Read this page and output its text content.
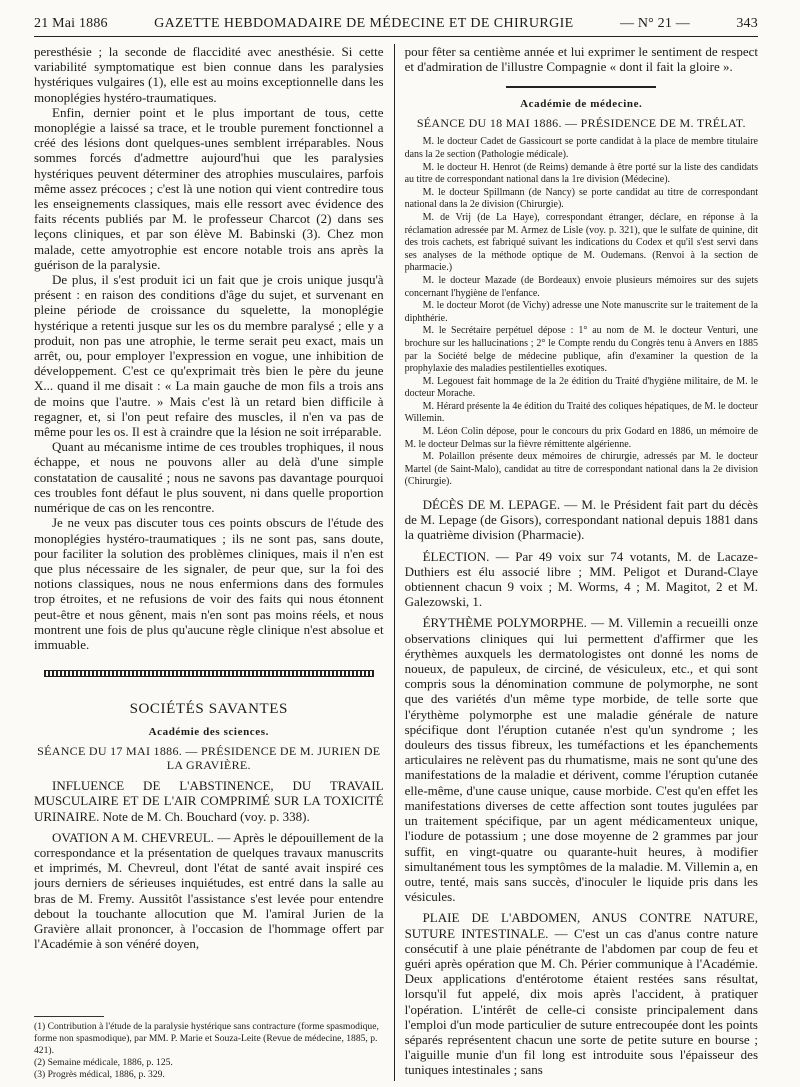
21 Mai 1886	GAZETTE HEBDOMADAIRE DE MÉDECINE ET DE CHIRURGIE	— N° 21 —	343

peresthésie ; la seconde de flaccidité avec anesthésie. Si cette variabilité symptomatique est bien connue dans les paralysies hystériques vulgaires (1), elle est au moins exceptionnelle dans les monoplégies hystéro-traumatiques.

Enfin, dernier point et le plus important de tous, cette monoplégie a laissé sa trace, et le trouble purement fonctionnel a créé des lésions dont quelques-unes semblent irréparables. Nous sommes forcés d'admettre aujourd'hui que les paralysies hystériques peuvent déterminer des atrophies musculaires, parfois même assez précoces ; c'est là une notion qui vient contredire tous les enseignements classiques, mais elle ressort avec évidence des faits récents publiés par M. le professeur Charcot (2) dans ses leçons cliniques, et par son élève M. Babinski (3). Chez mon malade, cette amyotrophie est encore notable trois ans après la guérison de la paralysie.

De plus, il s'est produit ici un fait que je crois unique jusqu'à présent : en raison des conditions d'âge du sujet, et survenant en pleine période de croissance du squelette, la monoplégie hystérique a retenti jusque sur les os du membre paralysé ; elle y a produit, non pas une atrophie, le terme serait peu exact, mais un arrêt, ou, pour employer l'expression en vogue, une inhibition de développement. C'est ce qu'exprimait très bien le père du jeune X... quand il me disait : « La main gauche de mon fils a trois ans de moins que l'autre. » Mais c'est là un retard bien difficile à regagner, et, si l'on peut refaire des muscles, il n'en va pas de même pour les os. Il est à craindre que la lésion ne soit irréparable.

Quant au mécanisme intime de ces troubles trophiques, il nous échappe, et nous ne pouvons aller au delà d'une simple constatation de causalité ; nous ne savons pas davantage pourquoi ces troubles font défaut le plus souvent, ni dans quelle proportion numérique de cas on les rencontre.

Je ne veux pas discuter tous ces points obscurs de l'étude des monoplégies hystéro-traumatiques ; ils ne sont pas, sans doute, pour faciliter la solution des problèmes cliniques, mais il n'en est que plus nécessaire de les signaler, de peur que, sur la foi des notions classiques, nous ne nous enfermions dans des formules trop étroites, et ne refusions de voir des faits qui nous étonnent peut-être et nous gênent, mais n'en sont pas moins réels, et nous montrent une fois de plus qu'aucune règle clinique n'est absolue et immuable.

SOCIÉTÉS SAVANTES
Académie des sciences.
SÉANCE DU 17 MAI 1886. — PRÉSIDENCE DE M. JURIEN DE LA GRAVIÈRE.

INFLUENCE DE L'ABSTINENCE, DU TRAVAIL MUSCULAIRE ET DE L'AIR COMPRIMÉ SUR LA TOXICITÉ URINAIRE. Note de M. Ch. Bouchard (voy. p. 338).

OVATION A M. CHEVREUL. — Après le dépouillement de la correspondance et la présentation de quelques travaux manuscrits et imprimés, M. Chevreul, dont l'état de santé avait inspiré ces jours derniers de sérieuses inquiétudes, est entré dans la salle au bras de M. Fremy. Aussitôt l'assistance s'est levée pour entendre debout la touchante allocution que M. l'amiral Jurien de la Gravière allait prononcer, à l'occasion de l'hommage offert par l'Académie à son vénéré doyen,

(1) Contribution à l'étude de la paralysie hystérique sans contracture (forme spasmodique, forme non spasmodique), par MM. P. Marie et Souza-Leite (Revue de médecine, 1885, p. 421).

(2) Semaine médicale, 1886, p. 125.

(3) Progrès médical, 1886, p. 329.

pour fêter sa centième année et lui exprimer le sentiment de respect et d'admiration de l'illustre Compagnie « dont il fait la gloire ».

Académie de médecine.
SÉANCE DU 18 MAI 1886. — PRÉSIDENCE DE M. TRÉLAT.

M. le docteur Cadet de Gassicourt se porte candidat à la place de membre titulaire dans la 2e section (Pathologie médicale).

M. le docteur H. Henrot (de Reims) demande à être porté sur la liste des candidats au titre de correspondant national dans la 1re division (Médecine).

M. le docteur Spillmann (de Nancy) se porte candidat au titre de correspondant national dans la 2e division (Chirurgie).

M. de Vrij (de La Haye), correspondant étranger, déclare, en réponse à la réclamation adressée par M. Armez de Lisle (voy. p. 321), que le sulfate de quinine, dit des trois cachets, est fabriqué suivant les indications du Codex et qu'il s'est servi dans ses analyses de la méthode optique de M. Oudemans. (Renvoi à la section de pharmacie.)

M. le docteur Mazade (de Bordeaux) envoie plusieurs mémoires sur des sujets concernant l'hygiène de l'enfance.

M. le docteur Morot (de Vichy) adresse une Note manuscrite sur le traitement de la diphthérie.

M. le Secrétaire perpétuel dépose : 1° au nom de M. le docteur Venturi, une brochure sur les hallucinations ; 2° le Compte rendu du Congrès tenu à Anvers en 1885 par la Société belge de médecine publique, afin d'examiner la question de la prophylaxie des maladies pestilentielles exotiques.

M. Legouest fait hommage de la 2e édition du Traité d'hygiène militaire, de M. le docteur Morache.

M. Hérard présente la 4e édition du Traité des coliques hépatiques, de M. le docteur Willemin.

M. Léon Colin dépose, pour le concours du prix Godard en 1886, un mémoire de M. le docteur Delmas sur la fièvre rémittente algérienne.

M. Polaillon présente deux mémoires de chirurgie, adressés par M. le docteur Martel (de Saint-Malo), candidat au titre de correspondant national dans la 2e division (Chirurgie).

DÉCÈS DE M. LEPAGE. — M. le Président fait part du décès de M. Lepage (de Gisors), correspondant national depuis 1881 dans la quatrième division (Pharmacie).

ÉLECTION. — Par 49 voix sur 74 votants, M. de Lacaze-Duthiers est élu associé libre ; MM. Peligot et Durand-Claye obtiennent chacun 9 voix ; M. Worms, 4 ; M. Magitot, 2 et M. Galezowski, 1.

ÉRYTHÈME POLYMORPHE. — M. Villemin a recueilli onze observations cliniques qui lui permettent d'affirmer que les érythèmes auxquels les dermatologistes ont donné les noms de noueux, de papuleux, de circiné, de vésiculeux, etc., et qui sont compris sous la dénomination commune de polymorphe, ne sont que des variétés d'un même type morbide, de telle sorte que l'érythème polymorphe est une maladie générale de nature spécifique dont l'éruption cutanée n'est qu'un syndrome ; les douleurs des tissus fibreux, les tuméfactions et les épanchements articulaires ne relèvent pas du rhumatisme, mais ne sont qu'une des manifestations de la maladie et dérivent, comme l'éruption cutanée elle-même, d'une cause unique, cause morbide. C'est qu'en effet les manifestations diverses de cette affection sont toutes jugulées par un traitement spécifique, par un agent médicamenteux unique, l'iodure de potassium ; une dose moyenne de 2 grammes par jour suffit, en vingt-quatre ou quarante-huit heures, à modifier simultanément tous les symptômes de la maladie. M. Villemin a, en outre, tenté, mais sans succès, d'inoculer le liquide pris dans les vésicules.

PLAIE DE L'ABDOMEN, ANUS CONTRE NATURE, SUTURE INTESTINALE. — C'est un cas d'anus contre nature consécutif à une plaie pénétrante de l'abdomen par coup de feu et guéri après opération que M. Ch. Périer communique à l'Académie. Deux applications d'entérotome étaient restées sans résultat, lorsqu'il fut appelé, dix mois après l'accident, à pratiquer l'opération. L'intérêt de celle-ci consiste principalement dans l'emploi d'un mode particulier de suture entrecoupée dont les points séparés représentent chacun une sorte de petite suture en bourse ; l'aiguille munie d'un fil long est introduite sous l'épaisseur des tuniques intestinales ; sans
